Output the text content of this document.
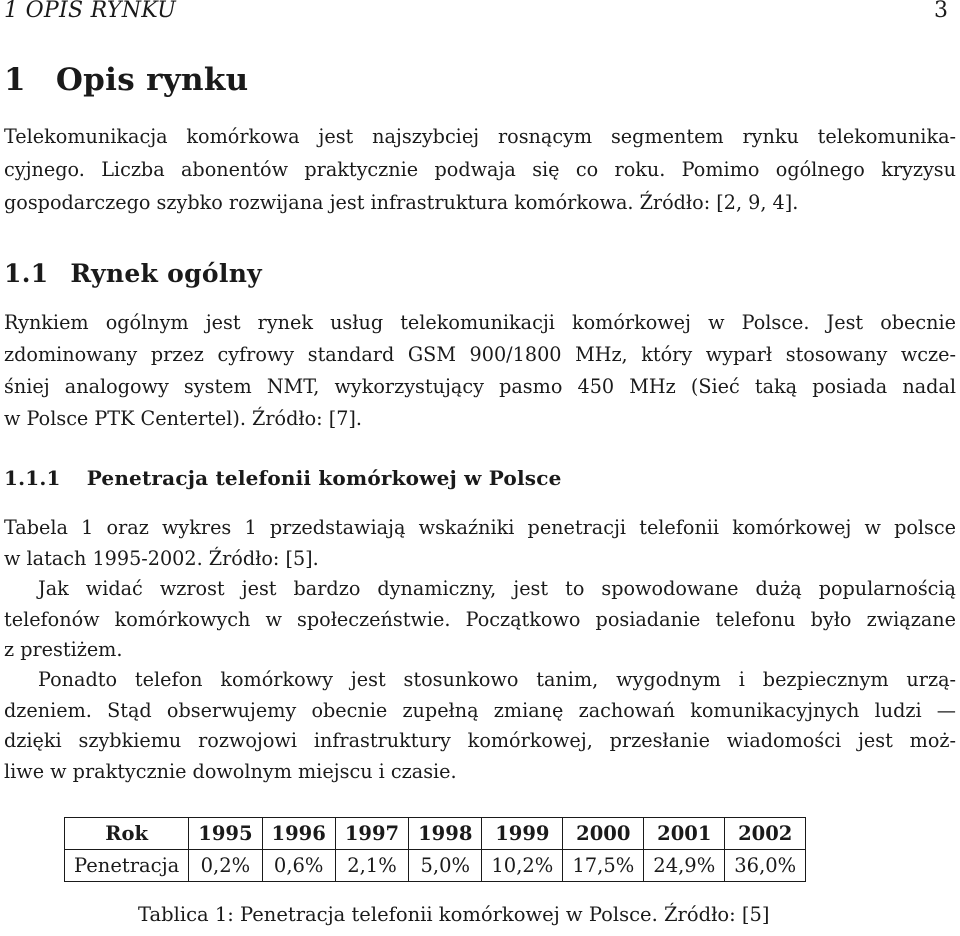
1 OPIS RYNKU	3
1 Opis rynku
Telekomunikacja komórkowa jest najszybciej rosnącym segmentem rynku telekomunika-
cyjnego. Liczba abonentów praktycznie podwaja się co roku. Pomimo ogólnego kryzysu
gospodarczego szybko rozwijana jest infrastruktura komórkowa. Źródło: [2, 9, 4].
1.1 Rynek ogólny
Rynkiem ogólnym jest rynek usług telekomunikacji komórkowej w Polsce. Jest obecnie
zdominowany przez cyfrowy standard GSM 900/1800 MHz, który wyparł stosowany wcze-
śniej analogowy system NMT, wykorzystujący pasmo 450 MHz (Sieć taką posiada nadal
w Polsce PTK Centertel). Źródło: [7].
1.1.1 Penetracja telefonii komórkowej w Polsce
Tabela 1 oraz wykres 1 przedstawiają wskaźniki penetracji telefonii komórkowej w polsce
w latach 1995-2002. Źródło: [5].
Jak widać wzrost jest bardzo dynamiczny, jest to spowodowane dużą popularnością
telefonów komórkowych w społeczeństwie. Początkowo posiadanie telefonu było związane
z prestiżem.
Ponadto telefon komórkowy jest stosunkowo tanim, wygodnym i bezpiecznym urzą-
dzeniem. Stąd obserwujemy obecnie zupełną zmianę zachowań komunikacyjnych ludzi —
dzięki szybkiemu rozwojowi infrastruktury komórkowej, przesłanie wiadomości jest moż-
liwe w praktycznie dowolnym miejscu i czasie.
Rok	1995	1996	1997	1998	1999	2000	2001	2002
Penetracja	0,2%	0,6%	2,1%	5,0%	10,2%	17,5%	24,9%	36,0%
Tablica 1: Penetracja telefonii komórkowej w Polsce. Źródło: [5]
